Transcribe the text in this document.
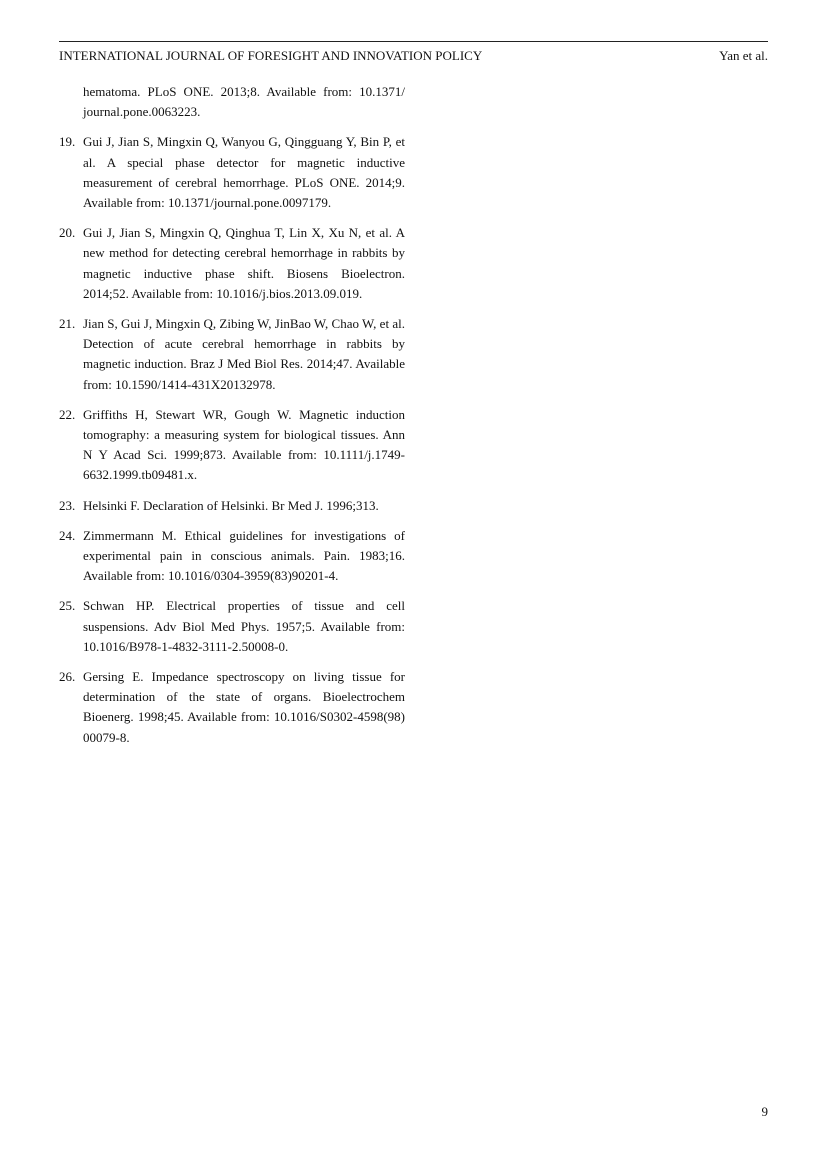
INTERNATIONAL JOURNAL OF FORESIGHT AND INNOVATION POLICY	Yan et al.
hematoma. PLoS ONE. 2013;8. Available from: 10.1371/ journal.pone.0063223.
19. Gui J, Jian S, Mingxin Q, Wanyou G, Qingguang Y, Bin P, et al. A special phase detector for magnetic inductive measurement of cerebral hemorrhage. PLoS ONE. 2014;9. Available from: 10.1371/journal.pone.0097179.
20. Gui J, Jian S, Mingxin Q, Qinghua T, Lin X, Xu N, et al. A new method for detecting cerebral hemorrhage in rabbits by magnetic inductive phase shift. Biosens Bioelectron. 2014;52. Available from: 10.1016/j.bios.2013.09.019.
21. Jian S, Gui J, Mingxin Q, Zibing W, JinBao W, Chao W, et al. Detection of acute cerebral hemorrhage in rabbits by magnetic induction. Braz J Med Biol Res. 2014;47. Available from: 10.1590/1414-431X20132978.
22. Griffiths H, Stewart WR, Gough W. Magnetic induction tomography: a measuring system for biological tissues. Ann N Y Acad Sci. 1999;873. Available from: 10.1111/j.1749-6632.1999.tb09481.x.
23. Helsinki F. Declaration of Helsinki. Br Med J. 1996;313.
24. Zimmermann M. Ethical guidelines for investigations of experimental pain in conscious animals. Pain. 1983;16. Available from: 10.1016/0304-3959(83)90201-4.
25. Schwan HP. Electrical properties of tissue and cell suspensions. Adv Biol Med Phys. 1957;5. Available from: 10.1016/B978-1-4832-3111-2.50008-0.
26. Gersing E. Impedance spectroscopy on living tissue for determination of the state of organs. Bioelectrochem Bioenerg. 1998;45. Available from: 10.1016/S0302-4598(98) 00079-8.
9
